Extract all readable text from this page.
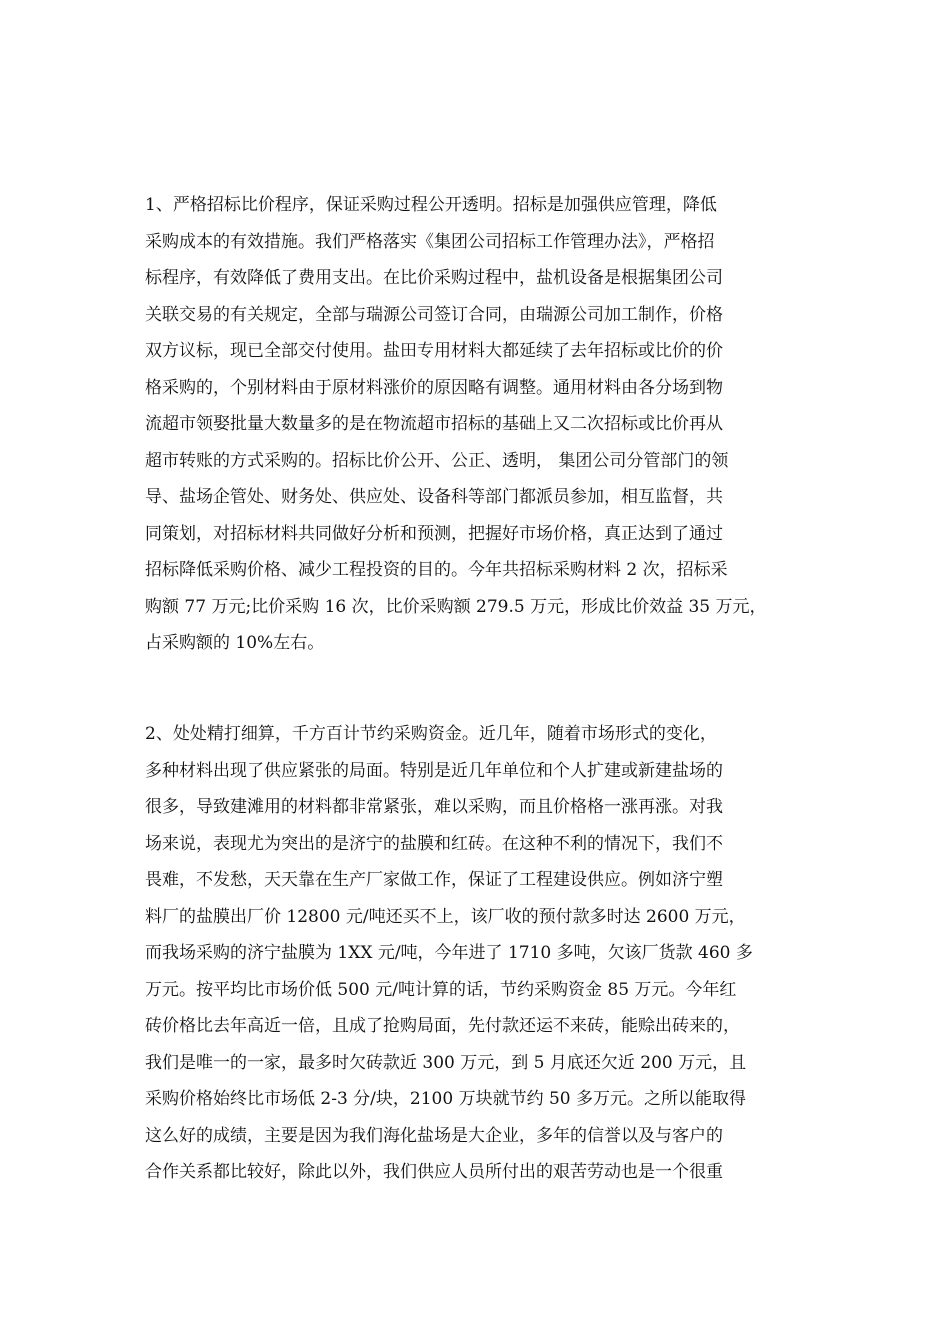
1、严格招标比价程序，保证采购过程公开透明。招标是加强供应管理，降低
采购成本的有效措施。我们严格落实《集团公司招标工作管理办法》，严格招
标程序，有效降低了费用支出。在比价采购过程中，盐机设备是根据集团公司
关联交易的有关规定，全部与瑞源公司签订合同，由瑞源公司加工制作，价格
双方议标，现已全部交付使用。盐田专用材料大都延续了去年招标或比价的价
格采购的，个别材料由于原材料涨价的原因略有调整。通用材料由各分场到物
流超市领娶批量大数量多的是在物流超市招标的基础上又二次招标或比价再从
超市转账的方式采购的。招标比价公开、公正、透明， 集团公司分管部门的领
导、盐场企管处、财务处、供应处、设备科等部门都派员参加，相互监督，共
同策划，对招标材料共同做好分析和预测，把握好市场价格，真正达到了通过
招标降低采购价格、减少工程投资的目的。今年共招标采购材料 2 次，招标采
购额 77 万元;比价采购 16 次，比价采购额 279.5 万元，形成比价效益 35 万元，
占采购额的 10%左右。
2、处处精打细算，千方百计节约采购资金。近几年，随着市场形式的变化，
多种材料出现了供应紧张的局面。特别是近几年单位和个人扩建或新建盐场的
很多，导致建滩用的材料都非常紧张，难以采购，而且价格格一涨再涨。对我
场来说，表现尤为突出的是济宁的盐膜和红砖。在这种不利的情况下，我们不
畏难，不发愁，天天靠在生产厂家做工作，保证了工程建设供应。例如济宁塑
料厂的盐膜出厂价 12800 元/吨还买不上，该厂收的预付款多时达 2600 万元，
而我场采购的济宁盐膜为 1XX 元/吨，今年进了 1710 多吨，欠该厂货款 460 多
万元。按平均比市场价低 500 元/吨计算的话，节约采购资金 85 万元。今年红
砖价格比去年高近一倍，且成了抢购局面，先付款还运不来砖，能赊出砖来的，
我们是唯一的一家，最多时欠砖款近 300 万元，到 5 月底还欠近 200 万元，且
采购价格始终比市场低 2-3 分/块，2100 万块就节约 50 多万元。之所以能取得
这么好的成绩，主要是因为我们海化盐场是大企业，多年的信誉以及与客户的
合作关系都比较好，除此以外，我们供应人员所付出的艰苦劳动也是一个很重
